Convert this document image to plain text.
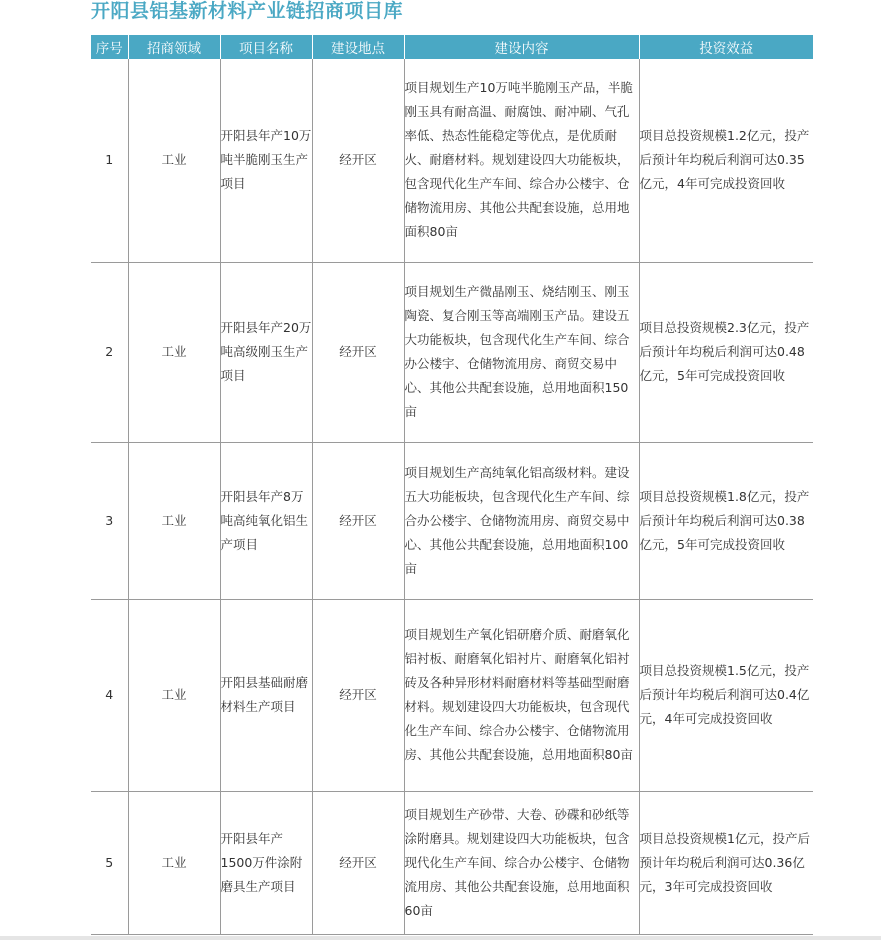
开阳县铝基新材料产业链招商项目库
序号	招商领域	项目名称	建设地点	建设内容	投资效益
1	工业	开阳县年产10万吨半脆刚玉生产项目	经开区	项目规划生产10万吨半脆刚玉产品，半脆刚玉具有耐高温、耐腐蚀、耐冲刷、气孔率低、热态性能稳定等优点，是优质耐火、耐磨材料。规划建设四大功能板块，包含现代化生产车间、综合办公楼宇、仓储物流用房、其他公共配套设施，总用地面积80亩	项目总投资规模1.2亿元，投产后预计年均税后利润可达0.35亿元，4年可完成投资回收
2	工业	开阳县年产20万吨高级刚玉生产项目	经开区	项目规划生产微晶刚玉、烧结刚玉、刚玉陶瓷、复合刚玉等高端刚玉产品。建设五大功能板块，包含现代化生产车间、综合办公楼宇、仓储物流用房、商贸交易中心、其他公共配套设施，总用地面积150亩	项目总投资规模2.3亿元，投产后预计年均税后利润可达0.48亿元，5年可完成投资回收
3	工业	开阳县年产8万吨高纯氧化铝生产项目	经开区	项目规划生产高纯氧化铝高级材料。建设五大功能板块，包含现代化生产车间、综合办公楼宇、仓储物流用房、商贸交易中心、其他公共配套设施，总用地面积100亩	项目总投资规模1.8亿元，投产后预计年均税后利润可达0.38亿元，5年可完成投资回收
4	工业	开阳县基础耐磨材料生产项目	经开区	项目规划生产氧化铝研磨介质、耐磨氧化铝衬板、耐磨氧化铝衬片、耐磨氧化铝衬砖及各种异形材料耐磨材料等基础型耐磨材料。规划建设四大功能板块，包含现代化生产车间、综合办公楼宇、仓储物流用房、其他公共配套设施，总用地面积80亩	项目总投资规模1.5亿元，投产后预计年均税后利润可达0.4亿元，4年可完成投资回收
5	工业	开阳县年产1500万件涂附磨具生产项目	经开区	项目规划生产砂带、大卷、砂碟和砂纸等涂附磨具。规划建设四大功能板块，包含现代化生产车间、综合办公楼宇、仓储物流用房、其他公共配套设施，总用地面积60亩	项目总投资规模1亿元，投产后预计年均税后利润可达0.36亿元，3年可完成投资回收
